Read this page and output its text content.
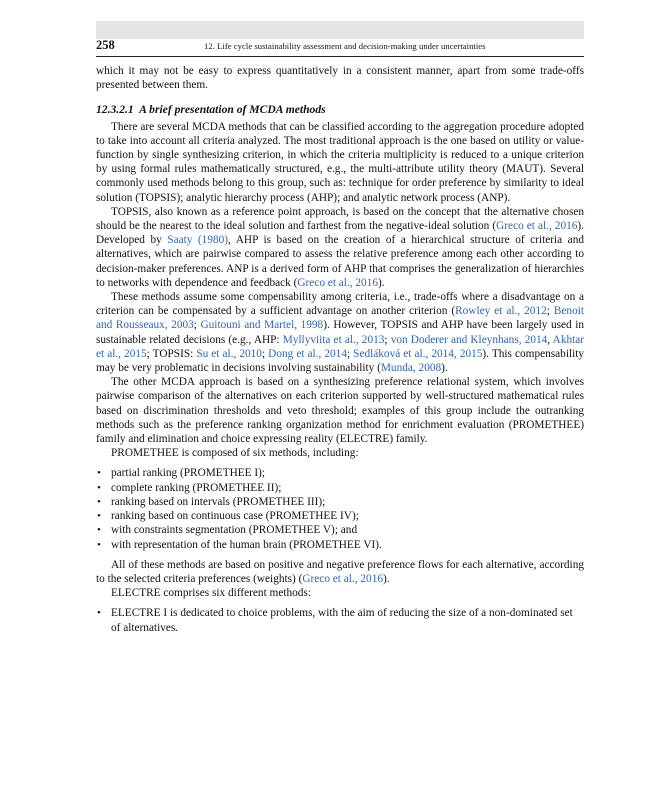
258	12. Life cycle sustainability assessment and decision-making under uncertainties

which it may not be easy to express quantitatively in a consistent manner, apart from some trade-offs presented between them.

12.3.2.1 A brief presentation of MCDA methods

There are several MCDA methods that can be classified according to the aggregation procedure adopted to take into account all criteria analyzed. The most traditional approach is the one based on utility or value-function by single synthesizing criterion, in which the criteria multiplicity is reduced to a unique criterion by using formal rules mathematically structured, e.g., the multi-attribute utility theory (MAUT). Several commonly used methods belong to this group, such as: technique for order preference by similarity to ideal solution (TOPSIS); analytic hierarchy process (AHP); and analytic network process (ANP).

TOPSIS, also known as a reference point approach, is based on the concept that the alternative chosen should be the nearest to the ideal solution and farthest from the negative-ideal solution (Greco et al., 2016). Developed by Saaty (1980), AHP is based on the creation of a hierarchical structure of criteria and alternatives, which are pairwise compared to assess the relative preference among each other according to decision-maker preferences. ANP is a derived form of AHP that comprises the generalization of hierarchies to networks with dependence and feedback (Greco et al., 2016).

These methods assume some compensability among criteria, i.e., trade-offs where a disadvantage on a criterion can be compensated by a sufficient advantage on another criterion (Rowley et al., 2012; Benoit and Rousseaux, 2003; Guitouni and Martel, 1998). However, TOPSIS and AHP have been largely used in sustainable related decisions (e.g., AHP: Myllyviita et al., 2013; von Doderer and Kleynhans, 2014, Akhtar et al., 2015; TOPSIS: Su et al., 2010; Dong et al., 2014; Sedláková et al., 2014, 2015). This compensability may be very problematic in decisions involving sustainability (Munda, 2008).

The other MCDA approach is based on a synthesizing preference relational system, which involves pairwise comparison of the alternatives on each criterion supported by well-structured mathematical rules based on discrimination thresholds and veto threshold; examples of this group include the outranking methods such as the preference ranking organization method for enrichment evaluation (PROMETHEE) family and elimination and choice expressing reality (ELECTRE) family.

PROMETHEE is composed of six methods, including:

• partial ranking (PROMETHEE I);
• complete ranking (PROMETHEE II);
• ranking based on intervals (PROMETHEE III);
• ranking based on continuous case (PROMETHEE IV);
• with constraints segmentation (PROMETHEE V); and
• with representation of the human brain (PROMETHEE VI).

All of these methods are based on positive and negative preference flows for each alternative, according to the selected criteria preferences (weights) (Greco et al., 2016).

ELECTRE comprises six different methods:

• ELECTRE I is dedicated to choice problems, with the aim of reducing the size of a non-dominated set of alternatives.
